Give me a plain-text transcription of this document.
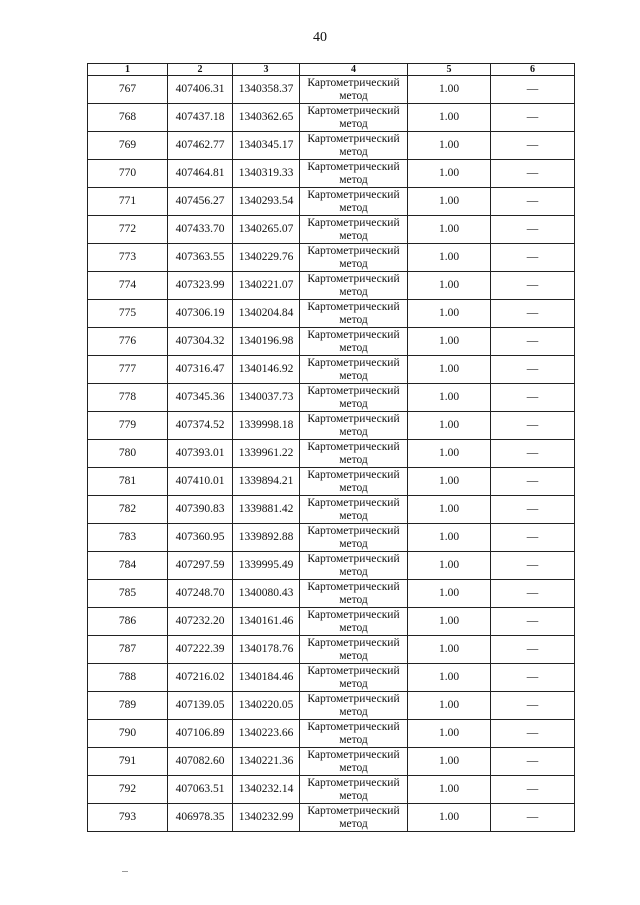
40
1	2	3	4	5	6
767	407406.31	1340358.37	Картометрический метод	1.00	—
768	407437.18	1340362.65	Картометрический метод	1.00	—
769	407462.77	1340345.17	Картометрический метод	1.00	—
770	407464.81	1340319.33	Картометрический метод	1.00	—
771	407456.27	1340293.54	Картометрический метод	1.00	—
772	407433.70	1340265.07	Картометрический метод	1.00	—
773	407363.55	1340229.76	Картометрический метод	1.00	—
774	407323.99	1340221.07	Картометрический метод	1.00	—
775	407306.19	1340204.84	Картометрический метод	1.00	—
776	407304.32	1340196.98	Картометрический метод	1.00	—
777	407316.47	1340146.92	Картометрический метод	1.00	—
778	407345.36	1340037.73	Картометрический метод	1.00	—
779	407374.52	1339998.18	Картометрический метод	1.00	—
780	407393.01	1339961.22	Картометрический метод	1.00	—
781	407410.01	1339894.21	Картометрический метод	1.00	—
782	407390.83	1339881.42	Картометрический метод	1.00	—
783	407360.95	1339892.88	Картометрический метод	1.00	—
784	407297.59	1339995.49	Картометрический метод	1.00	—
785	407248.70	1340080.43	Картометрический метод	1.00	—
786	407232.20	1340161.46	Картометрический метод	1.00	—
787	407222.39	1340178.76	Картометрический метод	1.00	—
788	407216.02	1340184.46	Картометрический метод	1.00	—
789	407139.05	1340220.05	Картометрический метод	1.00	—
790	407106.89	1340223.66	Картометрический метод	1.00	—
791	407082.60	1340221.36	Картометрический метод	1.00	—
792	407063.51	1340232.14	Картометрический метод	1.00	—
793	406978.35	1340232.99	Картометрический метод	1.00	—
